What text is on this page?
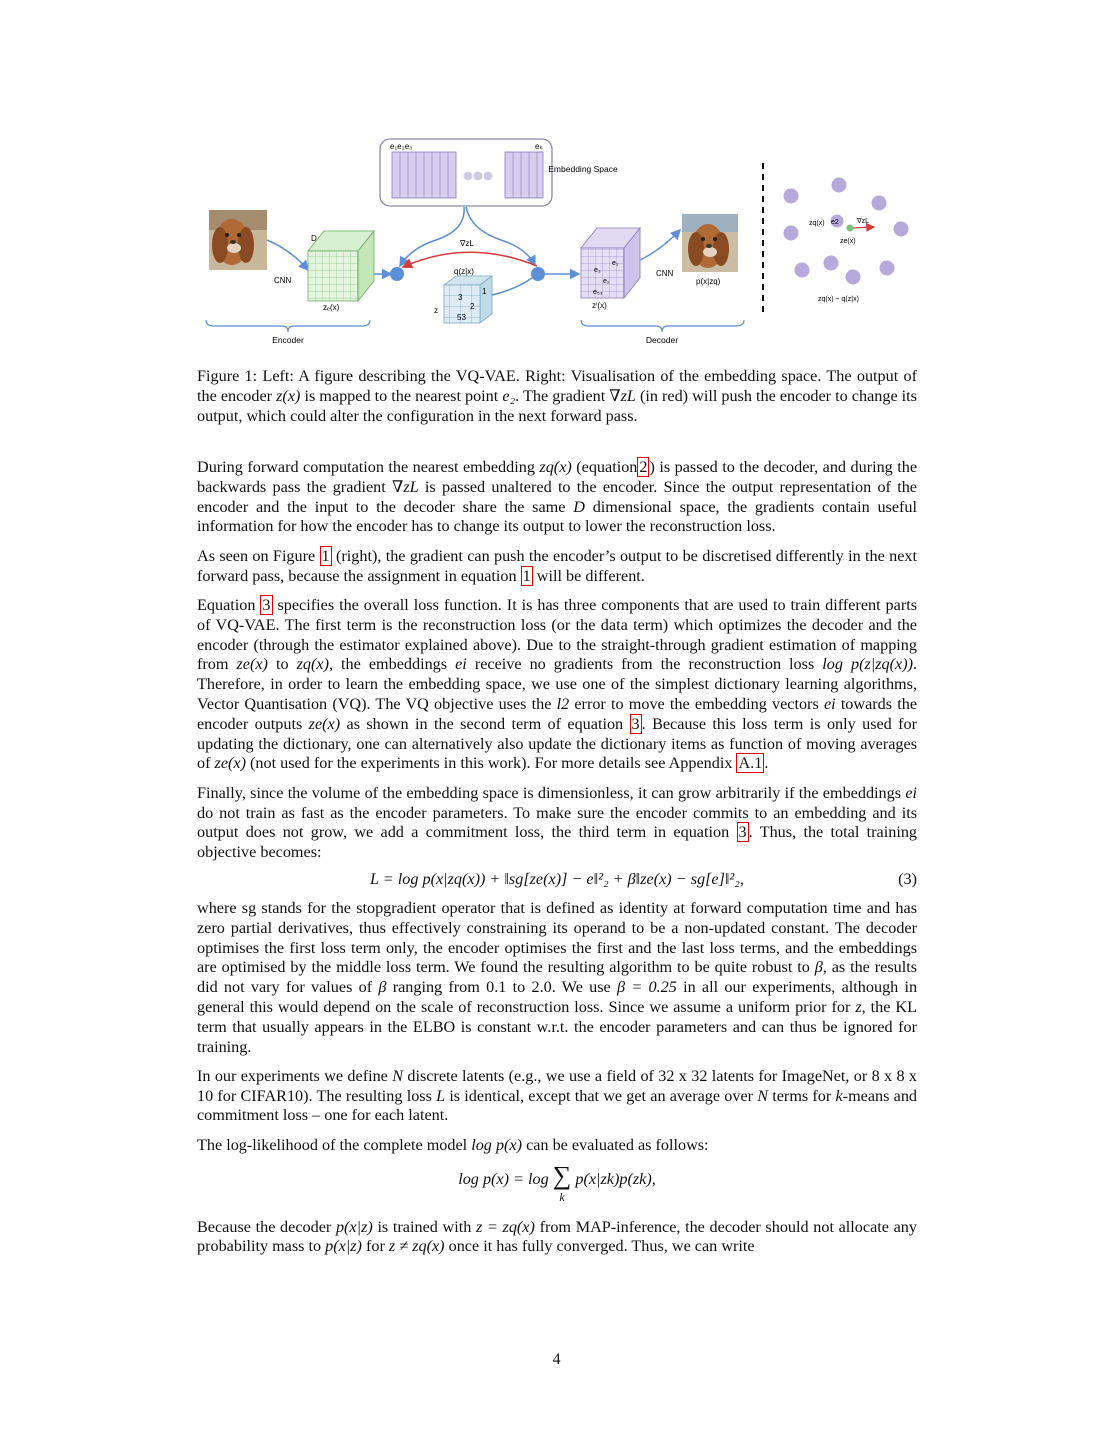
e₁e₂e₃	eₖ
Embedding Space
CNN
D
zₑ(x)
∇zL
q(z|x)
1
3
2
53
z
e₁
e₃
e₂
e₅₃
zⁱ(x)
CNN
p(x|zq)
Encoder	Decoder
zq(x) e2	∇zL
ze(x)
zq(x) ~ q(z|x)
Figure 1: Left: A figure describing the VQ-VAE. Right: Visualisation of the embedding space. The output of the encoder z(x) is mapped to the nearest point e₂. The gradient ∇zL (in red) will push the encoder to change its output, which could alter the configuration in the next forward pass.

During forward computation the nearest embedding zq(x) (equation 2 ) is passed to the decoder, and during the backwards pass the gradient ∇zL is passed unaltered to the encoder. Since the output representation of the encoder and the input to the decoder share the same D dimensional space, the gradients contain useful information for how the encoder has to change its output to lower the reconstruction loss.

As seen on Figure 1 (right), the gradient can push the encoder’s output to be discretised differently in the next forward pass, because the assignment in equation 1 will be different.

Equation 3 specifies the overall loss function. It is has three components that are used to train different parts of VQ-VAE. The first term is the reconstruction loss (or the data term) which optimizes the decoder and the encoder (through the estimator explained above). Due to the straight-through gradient estimation of mapping from ze(x) to zq(x), the embeddings ei receive no gradients from the reconstruction loss log p(z|zq(x)). Therefore, in order to learn the embedding space, we use one of the simplest dictionary learning algorithms, Vector Quantisation (VQ). The VQ objective uses the l2 error to move the embedding vectors ei towards the encoder outputs ze(x) as shown in the second term of equation 3 . Because this loss term is only used for updating the dictionary, one can alternatively also update the dictionary items as function of moving averages of ze(x) (not used for the experiments in this work). For more details see Appendix A.1 .

Finally, since the volume of the embedding space is dimensionless, it can grow arbitrarily if the embeddings ei do not train as fast as the encoder parameters. To make sure the encoder commits to an embedding and its output does not grow, we add a commitment loss, the third term in equation 3 . Thus, the total training objective becomes:

L = log p(x|zq(x)) + ‖sg[ze(x)] − e‖²₂ + β‖ze(x) − sg[e]‖²₂,	(3)

where sg stands for the stopgradient operator that is defined as identity at forward computation time and has zero partial derivatives, thus effectively constraining its operand to be a non-updated constant. The decoder optimises the first loss term only, the encoder optimises the first and the last loss terms, and the embeddings are optimised by the middle loss term. We found the resulting algorithm to be quite robust to β, as the results did not vary for values of β ranging from 0.1 to 2.0. We use β = 0.25 in all our experiments, although in general this would depend on the scale of reconstruction loss. Since we assume a uniform prior for z, the KL term that usually appears in the ELBO is constant w.r.t. the encoder parameters and can thus be ignored for training.

In our experiments we define N discrete latents (e.g., we use a field of 32 x 32 latents for ImageNet, or 8 x 8 x 10 for CIFAR10). The resulting loss L is identical, except that we get an average over N terms for k-means and commitment loss – one for each latent.

The log-likelihood of the complete model log p(x) can be evaluated as follows:

log p(x) = log ∑
k
p(x|zk)p(zk),

Because the decoder p(x|z) is trained with z = zq(x) from MAP-inference, the decoder should not allocate any probability mass to p(x|z) for z ≠ zq(x) once it has fully converged. Thus, we can write

4
